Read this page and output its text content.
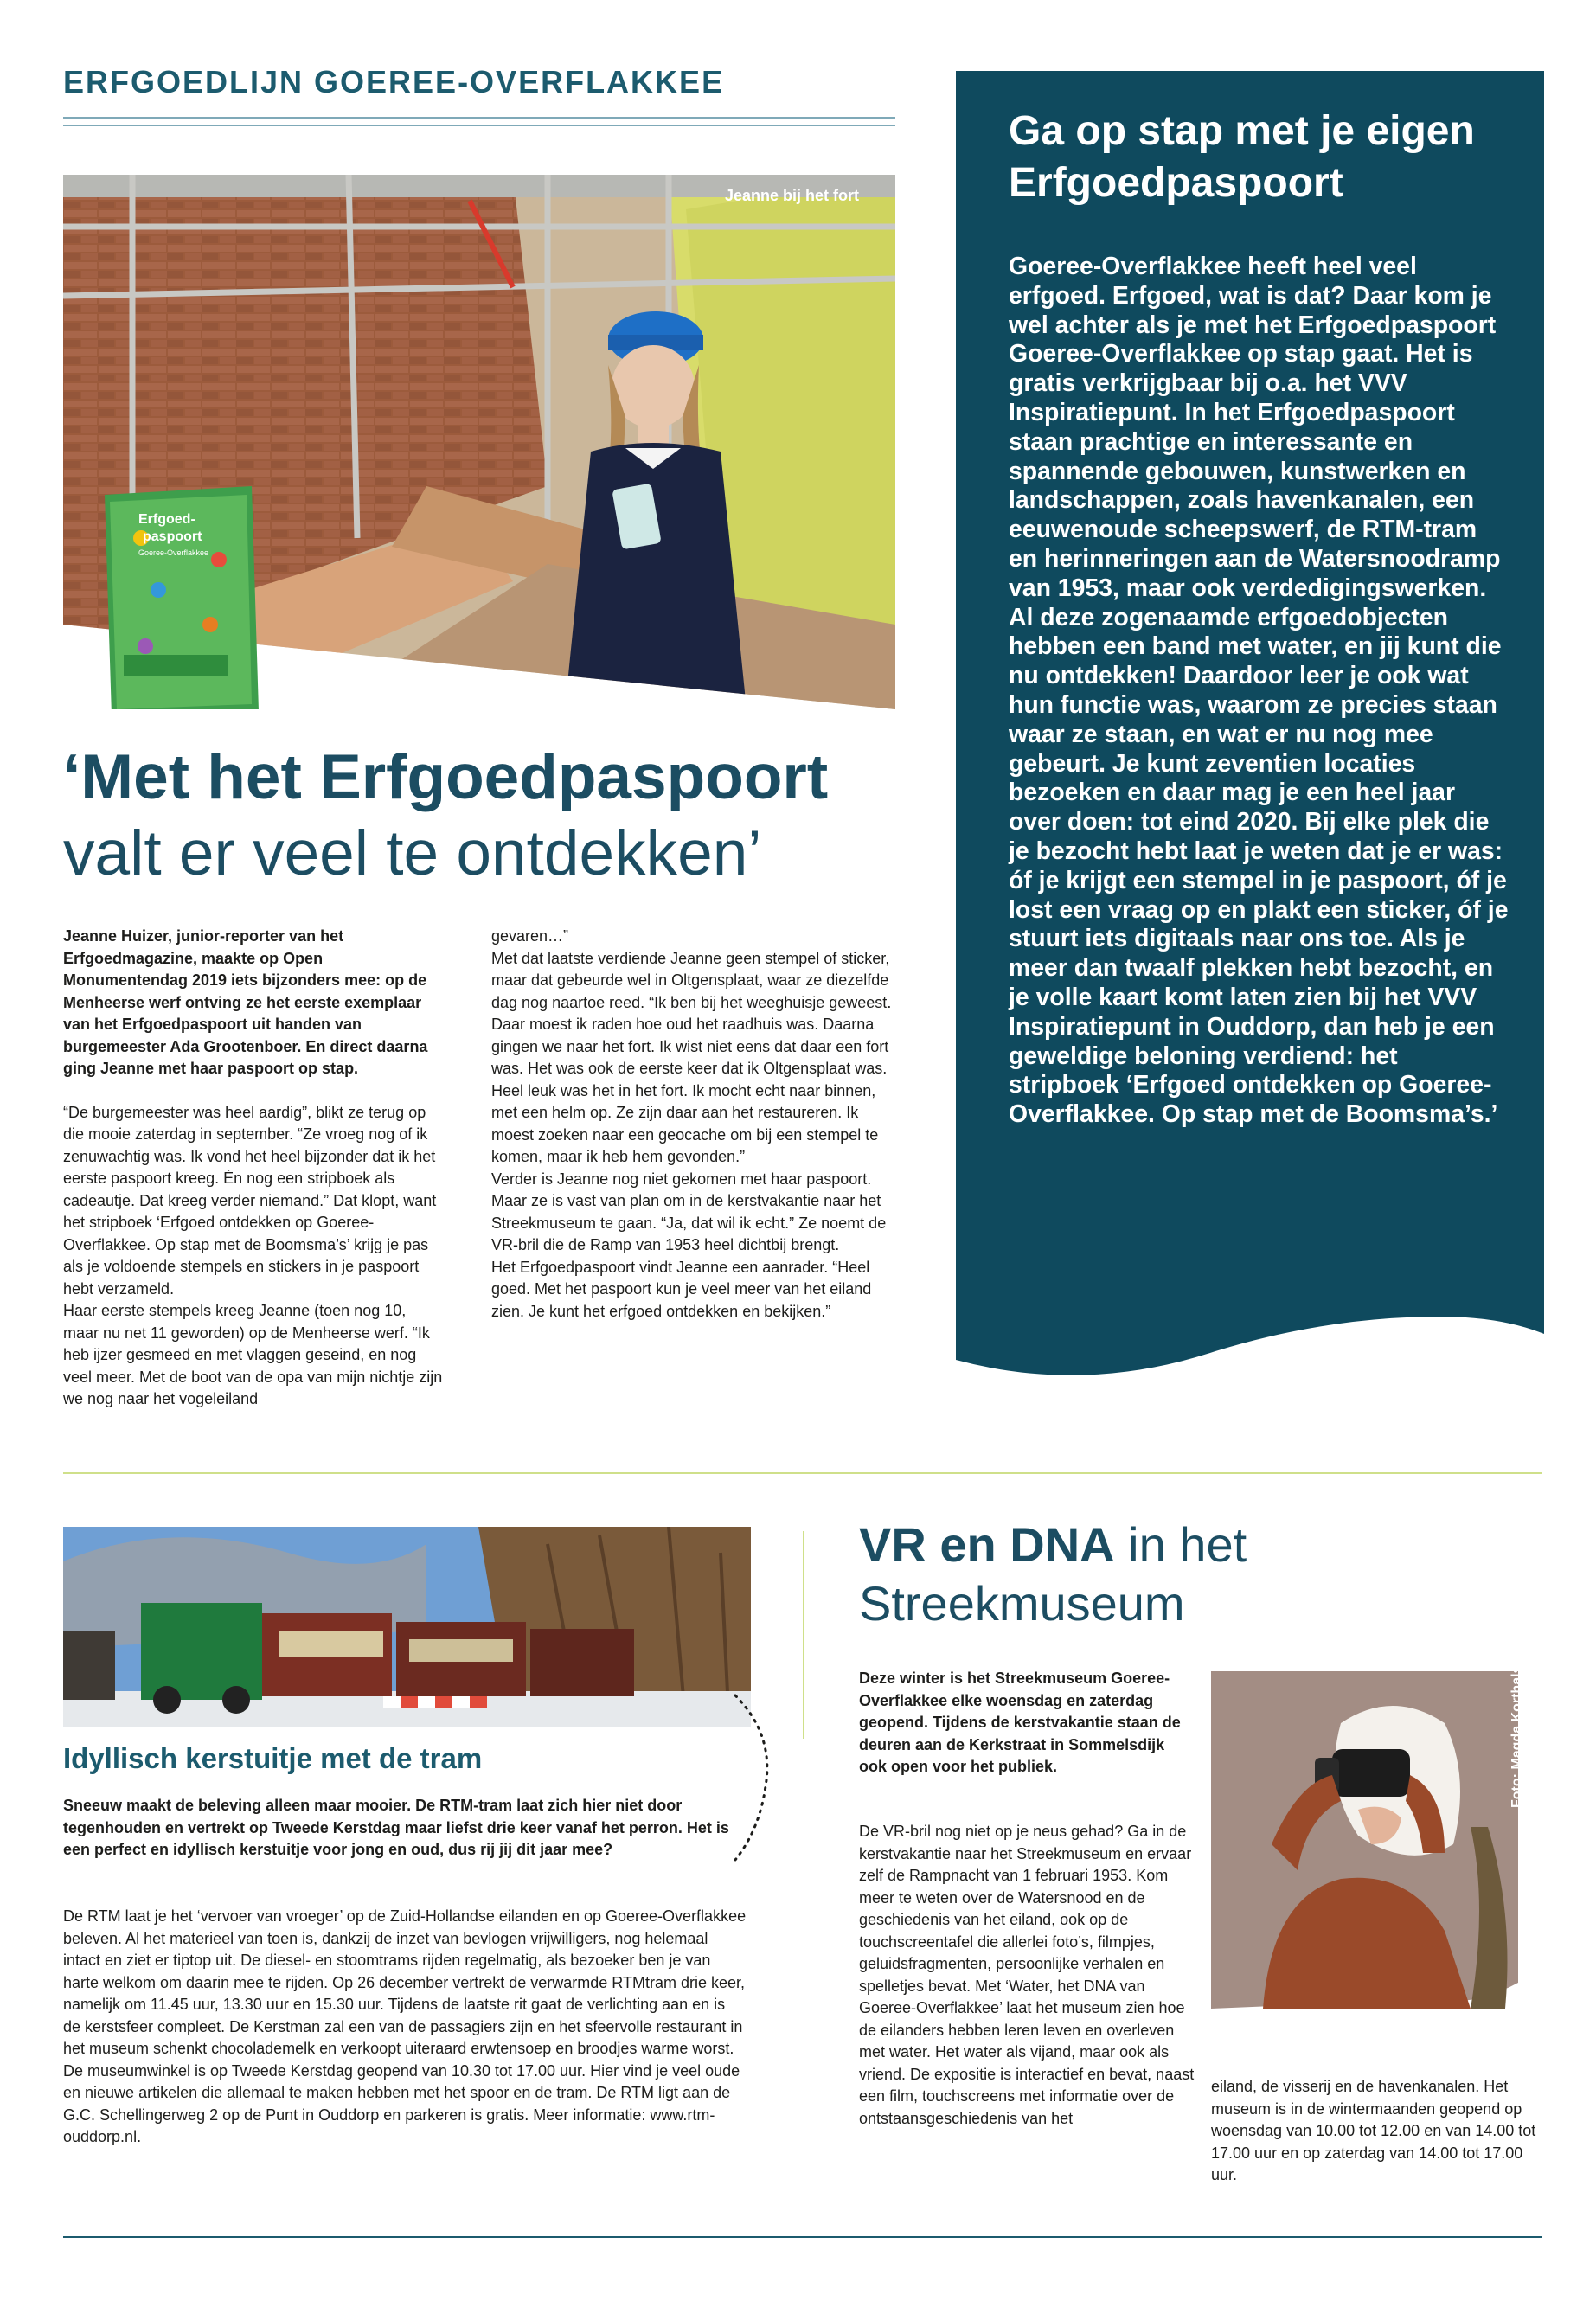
ERFGOEDLIJN GOEREE-OVERFLAKKEE
Erfgoed-
paspoort
Goeree-Overflakkee
Jeanne bij het fort
‘Met het Erfgoedpaspoort
valt er veel te ontdekken’

Jeanne Huizer, junior-reporter van het Erfgoedmagazine, maakte op Open Monumentendag 2019 iets bijzonders mee: op de Menheerse werf ontving ze het eerste exemplaar van het Erfgoedpaspoort uit handen van burgemeester Ada Grootenboer. En direct daarna ging Jeanne met haar paspoort op stap.

“De burgemeester was heel aardig”, blikt ze terug op die mooie zaterdag in september. “Ze vroeg nog of ik zenuwachtig was. Ik vond het heel bijzonder dat ik het eerste paspoort kreeg. Én nog een stripboek als cadeautje. Dat kreeg verder niemand.” Dat klopt, want het stripboek ‘Erfgoed ontdekken op Goeree-Overflakkee. Op stap met de Boomsma’s’ krijg je pas als je voldoende stempels en stickers in je paspoort hebt verzameld.

Haar eerste stempels kreeg Jeanne (toen nog 10, maar nu net 11 geworden) op de Menheerse werf. “Ik heb ijzer gesmeed en met vlaggen geseind, en nog veel meer. Met de boot van de opa van mijn nichtje zijn we nog naar het vogeleiland

gevaren…”

Met dat laatste verdiende Jeanne geen stempel of sticker, maar dat gebeurde wel in Oltgensplaat, waar ze diezelfde dag nog naartoe reed. “Ik ben bij het weeghuisje geweest. Daar moest ik raden hoe oud het raadhuis was. Daarna gingen we naar het fort. Ik wist niet eens dat daar een fort was. Het was ook de eerste keer dat ik Oltgensplaat was. Heel leuk was het in het fort. Ik mocht echt naar binnen, met een helm op. Ze zijn daar aan het restaureren. Ik moest zoeken naar een geocache om bij een stempel te komen, maar ik heb hem gevonden.”

Verder is Jeanne nog niet gekomen met haar paspoort. Maar ze is vast van plan om in de kerstvakantie naar het Streekmuseum te gaan. “Ja, dat wil ik echt.” Ze noemt de VR-bril die de Ramp van 1953 heel dichtbij brengt.

Het Erfgoedpaspoort vindt Jeanne een aanrader. “Heel goed. Met het paspoort kun je veel meer van het eiland zien. Je kunt het erfgoed ontdekken en bekijken.”

Ga op stap met je eigen Erfgoedpaspoort

Goeree-Overflakkee heeft heel veel erfgoed. Erfgoed, wat is dat? Daar kom je wel achter als je met het Erfgoedpaspoort Goeree-Overflakkee op stap gaat. Het is gratis verkrijgbaar bij o.a. het VVV Inspiratiepunt. In het Erfgoedpaspoort staan prachtige en interessante en spannende gebouwen, kunstwerken en landschappen, zoals havenkanalen, een eeuwenoude scheepswerf, de RTM-tram en herinneringen aan de Watersnoodramp van 1953, maar ook verdedigingswerken. Al deze zogenaamde erfgoedobjecten hebben een band met water, en jij kunt die nu ontdekken! Daardoor leer je ook wat hun functie was, waarom ze precies staan waar ze staan, en wat er nu nog mee gebeurt. Je kunt zeventien locaties bezoeken en daar mag je een heel jaar over doen: tot eind 2020. Bij elke plek die je bezocht hebt laat je weten dat je er was: óf je krijgt een stempel in je paspoort, óf je lost een vraag op en plakt een sticker, óf je stuurt iets digitaals naar ons toe. Als je meer dan twaalf plekken hebt bezocht, en je volle kaart komt laten zien bij het VVV Inspiratiepunt in Ouddorp, dan heb je een geweldige beloning verdiend: het stripboek ‘Erfgoed ontdekken op Goeree-Overflakkee. Op stap met de Boomsma’s.’

Idyllisch kerstuitje met de tram

Sneeuw maakt de beleving alleen maar mooier. De RTM-tram laat zich hier niet door tegenhouden en vertrekt op Tweede Kerstdag maar liefst drie keer vanaf het perron. Het is een perfect en idyllisch kerstuitje voor jong en oud, dus rij jij dit jaar mee?

De RTM laat je het ‘vervoer van vroeger’ op de Zuid-Hollandse eilanden en op Goeree-Overflakkee beleven. Al het materieel van toen is, dankzij de inzet van bevlogen vrijwilligers, nog helemaal intact en ziet er tiptop uit. De diesel- en stoomtrams rijden regelmatig, als bezoeker ben je van harte welkom om daarin mee te rijden. Op 26 december vertrekt de verwarmde RTMtram drie keer, namelijk om 11.45 uur, 13.30 uur en 15.30 uur. Tijdens de laatste rit gaat de verlichting aan en is de kerstsfeer compleet. De Kerstman zal een van de passagiers zijn en het sfeervolle restaurant in het museum schenkt chocolademelk en verkoopt uiteraard erwtensoep en broodjes warme worst. De museumwinkel is op Tweede Kerstdag geopend van 10.30 tot 17.00 uur. Hier vind je veel oude en nieuwe artikelen die allemaal te maken hebben met het spoor en de tram. De RTM ligt aan de G.C. Schellingerweg 2 op de Punt in Ouddorp en parkeren is gratis. Meer informatie: www.rtm-ouddorp.nl.

VR en DNA in het
Streekmuseum

Deze winter is het Streekmuseum Goeree-Overflakkee elke woensdag en zaterdag geopend. Tijdens de kerstvakantie staan de deuren aan de Kerkstraat in Sommelsdijk ook open voor het publiek.

De VR-bril nog niet op je neus gehad? Ga in de kerstvakantie naar het Streekmuseum en ervaar zelf de Rampnacht van 1 februari 1953. Kom meer te weten over de Watersnood en de geschiedenis van het eiland, ook op de touchscreentafel die allerlei foto’s, filmpjes, geluidsfragmenten, persoonlijke verhalen en spelletjes bevat. Met ‘Water, het DNA van Goeree-Overflakkee’ laat het museum zien hoe de eilanders hebben leren leven en overleven met water. Het water als vijand, maar ook als vriend. De expositie is interactief en bevat, naast een film, touchscreens met informatie over de ontstaansgeschiedenis van het

Foto: Magda Korthals

eiland, de visserij en de havenkanalen. Het museum is in de wintermaanden geopend op woensdag van 10.00 tot 12.00 en van 14.00 tot 17.00 uur en op zaterdag van 14.00 tot 17.00 uur.
